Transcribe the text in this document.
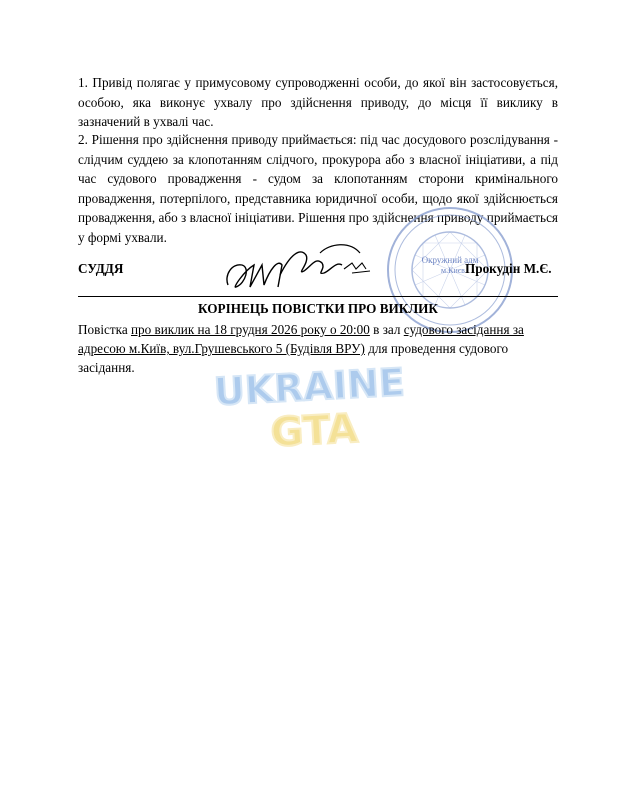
1. Привід полягає у примусовому супроводженні особи, до якої він застосовується, особою, яка виконує ухвалу про здійснення приводу, до місця її виклику в зазначений в ухвалі час.

2. Рішення про здійснення приводу приймається: під час досудового розслідування - слідчим суддею за клопотанням слідчого, прокурора або з власної ініціативи, а під час судового провадження - судом за клопотанням сторони кримінального провадження, потерпілого, представника юридичної особи, щодо якої здійснюється провадження, або з власної ініціативи. Рішення про здійснення приводу приймається у формі ухвали.

Окружний адм
м.Києв
СУДДЯ	Прокудін М.Є.
КОРІНЕЦЬ ПОВІСТКИ ПРО ВИКЛИК

Повістка про виклик на 18 грудня 2026 року о 20:00 в зал судового засідання за адресою м.Київ, вул.Грушевського 5 (Будівля ВРУ) для проведення судового засідання.	UKRAINE
GTA
